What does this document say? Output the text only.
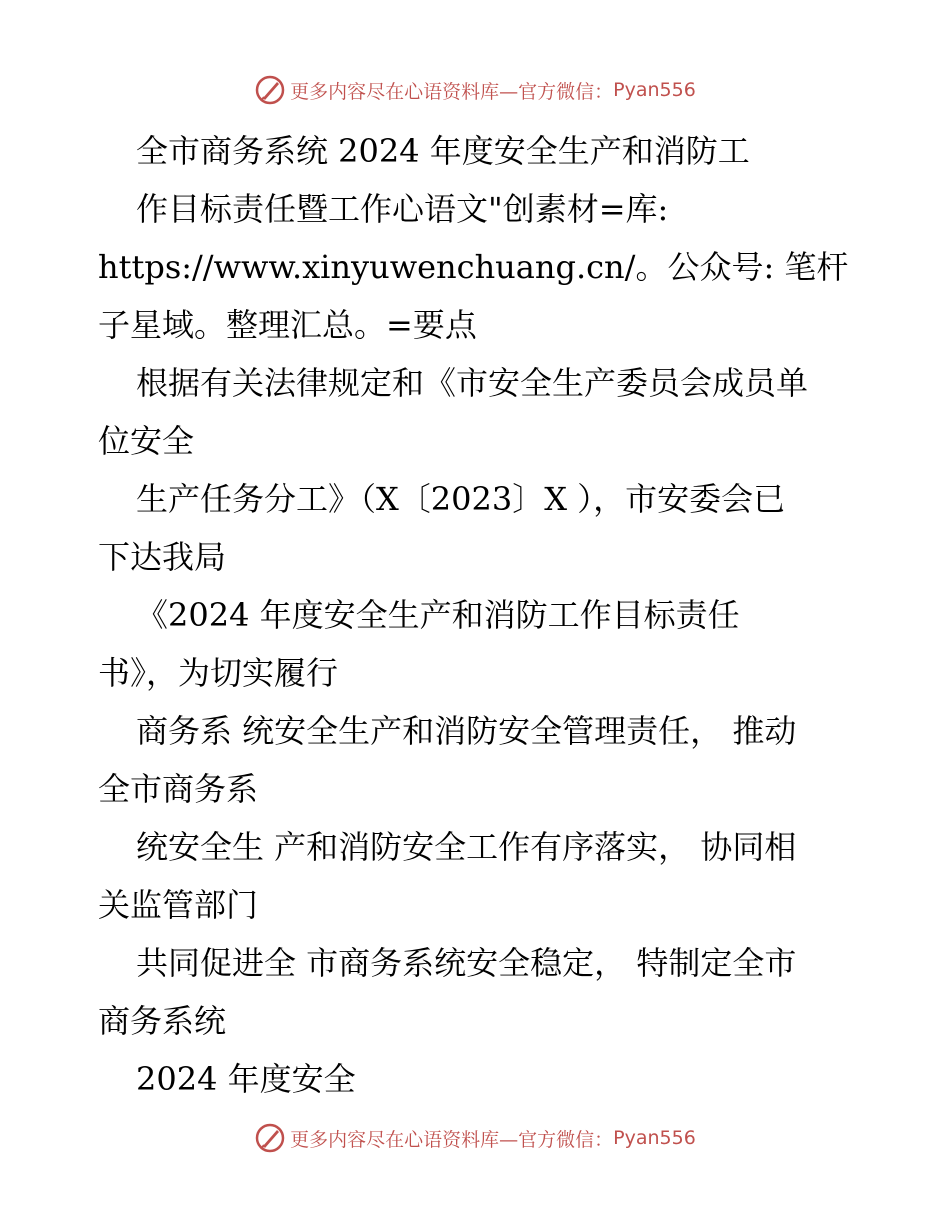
更多内容尽在心语资料库—官方微信： Pyan556
全市商务系统 2024 年度安全生产和消防工
作目标责任暨工作心语文"创素材=库:
https://www.xinyuwenchuang.cn/。公众号: 笔杆
子星域。整理汇总。=要点
根据有关法律规定和《市安全生产委员会成员单
位安全
生产任务分工》（X〔2023〕X ），市安委会已
下达我局
《2024 年度安全生产和消防工作目标责任
书》，为切实履行
商务系 统安全生产和消防安全管理责任， 推动
全市商务系
统安全生 产和消防安全工作有序落实， 协同相
关监管部门
共同促进全 市商务系统安全稳定， 特制定全市
商务系统
2024 年度安全
更多内容尽在心语资料库—官方微信： Pyan556
